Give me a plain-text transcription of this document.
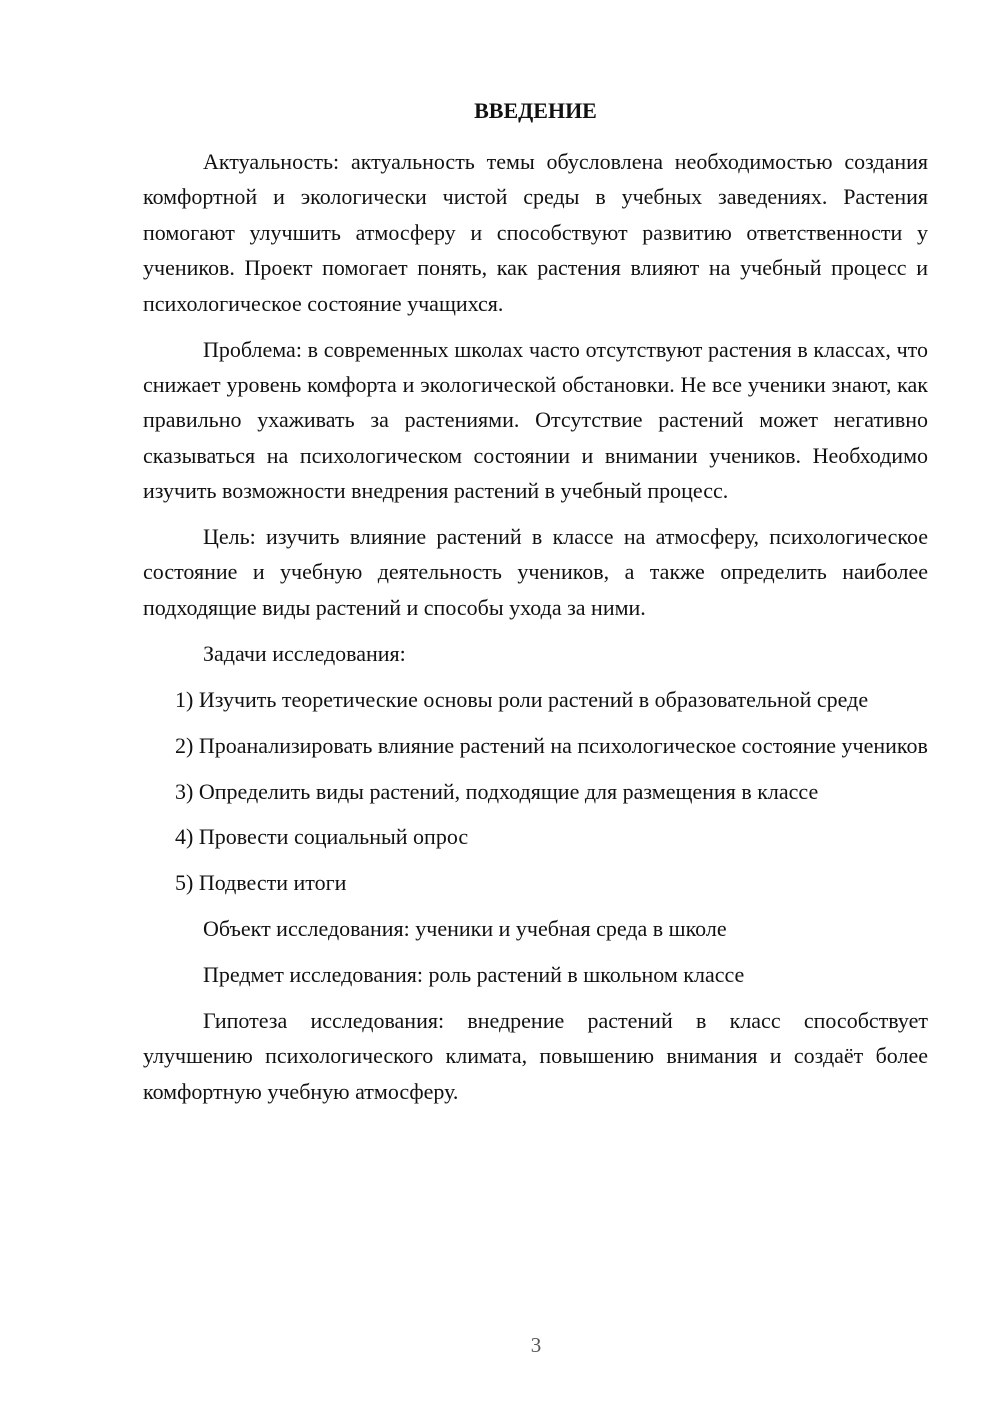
ВВЕДЕНИЕ

Актуальность: актуальность темы обусловлена необходимостью создания комфортной и экологически чистой среды в учебных заведениях. Растения помогают улучшить атмосферу и способствуют развитию ответственности у учеников. Проект помогает понять, как растения влияют на учебный процесс и психологическое состояние учащихся.

Проблема: в современных школах часто отсутствуют растения в классах, что снижает уровень комфорта и экологической обстановки. Не все ученики знают, как правильно ухаживать за растениями. Отсутствие растений может негативно сказываться на психологическом состоянии и внимании учеников. Необходимо изучить возможности внедрения растений в учебный процесс.

Цель: изучить влияние растений в классе на атмосферу, психологическое состояние и учебную деятельность учеников, а также определить наиболее подходящие виды растений и способы ухода за ними.

Задачи исследования:

1) Изучить теоретические основы роли растений в образовательной среде

2) Проанализировать влияние растений на психологическое состояние учеников

3) Определить виды растений, подходящие для размещения в классе

4) Провести социальный опрос

5) Подвести итоги

Объект исследования: ученики и учебная среда в школе

Предмет исследования: роль растений в школьном классе

Гипотеза исследования: внедрение растений в класс способствует улучшению психологического климата, повышению внимания и создаёт более комфортную учебную атмосферу.

3
